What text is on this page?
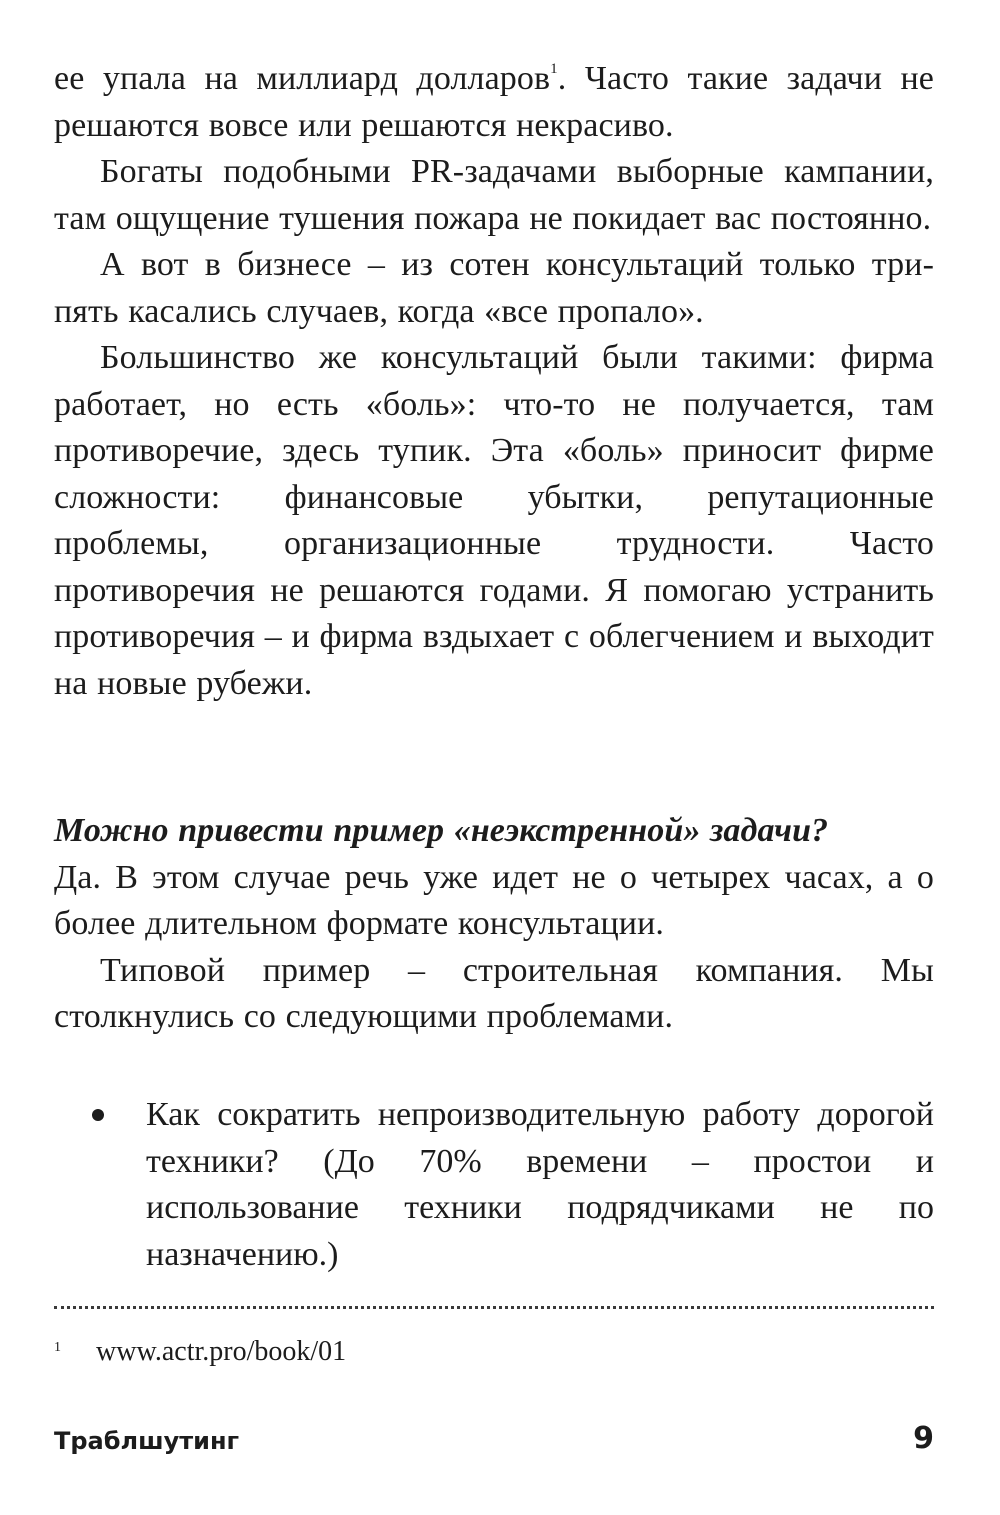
ее упала на миллиард долларов$^1$. Часто такие задачи не решаются вовсе или решаются некрасиво.

Богаты подобными PR-задачами выборные кампании, там ощущение тушения пожара не покидает вас постоянно.

А вот в бизнесе – из сотен консультаций только три-пять касались случаев, когда «все пропало».

Большинство же консультаций были такими: фирма работает, но есть «боль»: что-то не получается, там противоречие, здесь тупик. Эта «боль» приносит фирме сложности: финансовые убытки, репутационные проблемы, организационные трудности. Часто противоречия не решаются годами. Я помогаю устранить противоречия – и фирма вздыхает с облегчением и выходит на новые рубежи.

Можно привести пример «неэкстренной» задачи?

Да. В этом случае речь уже идет не о четырех часах, а о более длительном формате консультации.

Типовой пример – строительная компания. Мы столкнулись со следующими проблемами.

Как сократить непроизводительную работу дорогой техники? (До 70% времени – простои и использование техники подрядчиками не по назначению.)
1 www.actr.pro/book/01
Траблшутинг	9
